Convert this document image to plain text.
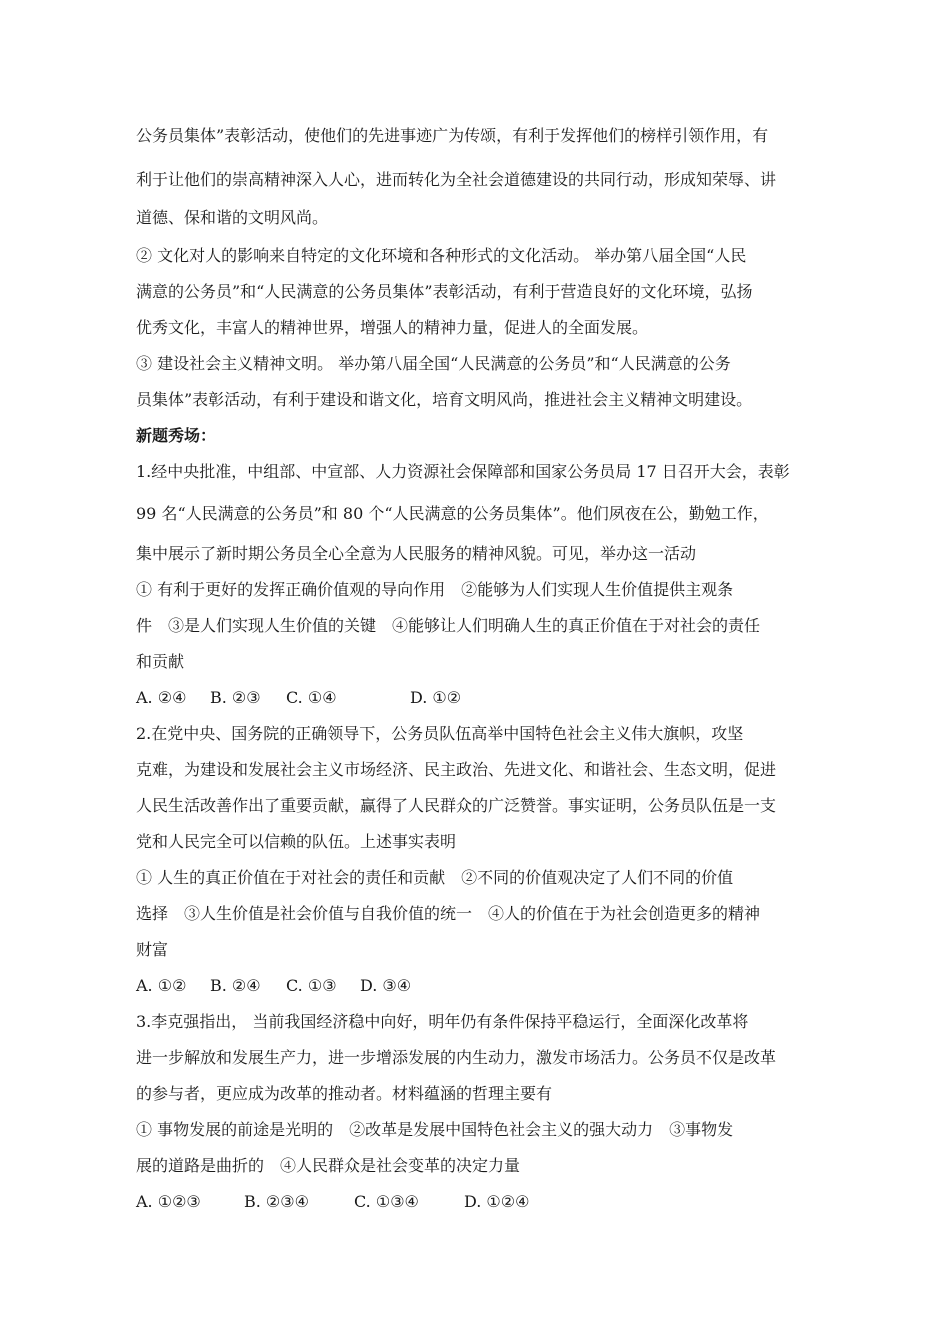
公务员集体”表彰活动，使他们的先进事迹广为传颂，有利于发挥他们的榜样引领作用，有
利于让他们的崇高精神深入人心，进而转化为全社会道德建设的共同行动，形成知荣辱、讲
道德、保和谐的文明风尚。
② 文化对人的影响来自特定的文化环境和各种形式的文化活动。 举办第八届全国“人民
满意的公务员”和“人民满意的公务员集体”表彰活动，有利于营造良好的文化环境，弘扬
优秀文化，丰富人的精神世界，增强人的精神力量，促进人的全面发展。
③ 建设社会主义精神文明。 举办第八届全国“人民满意的公务员”和“人民满意的公务
员集体”表彰活动，有利于建设和谐文化，培育文明风尚，推进社会主义精神文明建设。
新题秀场：
1.经中央批准，中组部、中宣部、人力资源社会保障部和国家公务员局 17 日召开大会，表彰
99 名“人民满意的公务员”和 80 个“人民满意的公务员集体”。他们夙夜在公，勤勉工作，
集中展示了新时期公务员全心全意为人民服务的精神风貌。可见，举办这一活动
① 有利于更好的发挥正确价值观的导向作用　②能够为人们实现人生价值提供主观条
件　③是人们实现人生价值的关键　④能够让人们明确人生的真正价值在于对社会的责任
和贡献
A. ②④ B. ②③ C. ①④	D. ①②
2.在党中央、国务院的正确领导下，公务员队伍高举中国特色社会主义伟大旗帜，攻坚
克难，为建设和发展社会主义市场经济、民主政治、先进文化、和谐社会、生态文明，促进
人民生活改善作出了重要贡献，赢得了人民群众的广泛赞誉。事实证明，公务员队伍是一支
党和人民完全可以信赖的队伍。上述事实表明
① 人生的真正价值在于对社会的责任和贡献　②不同的价值观决定了人们不同的价值
选择　③人生价值是社会价值与自我价值的统一　④人的价值在于为社会创造更多的精神
财富
A. ①② B. ②④ C. ①③ D. ③④
3.李克强指出， 当前我国经济稳中向好，明年仍有条件保持平稳运行，全面深化改革将
进一步解放和发展生产力，进一步增添发展的内生动力，激发市场活力。公务员不仅是改革
的参与者，更应成为改革的推动者。材料蕴涵的哲理主要有
① 事物发展的前途是光明的　②改革是发展中国特色社会主义的强大动力　③事物发
展的道路是曲折的　④人民群众是社会变革的决定力量
A. ①②③	B. ②③④	C. ①③④	D. ①②④
